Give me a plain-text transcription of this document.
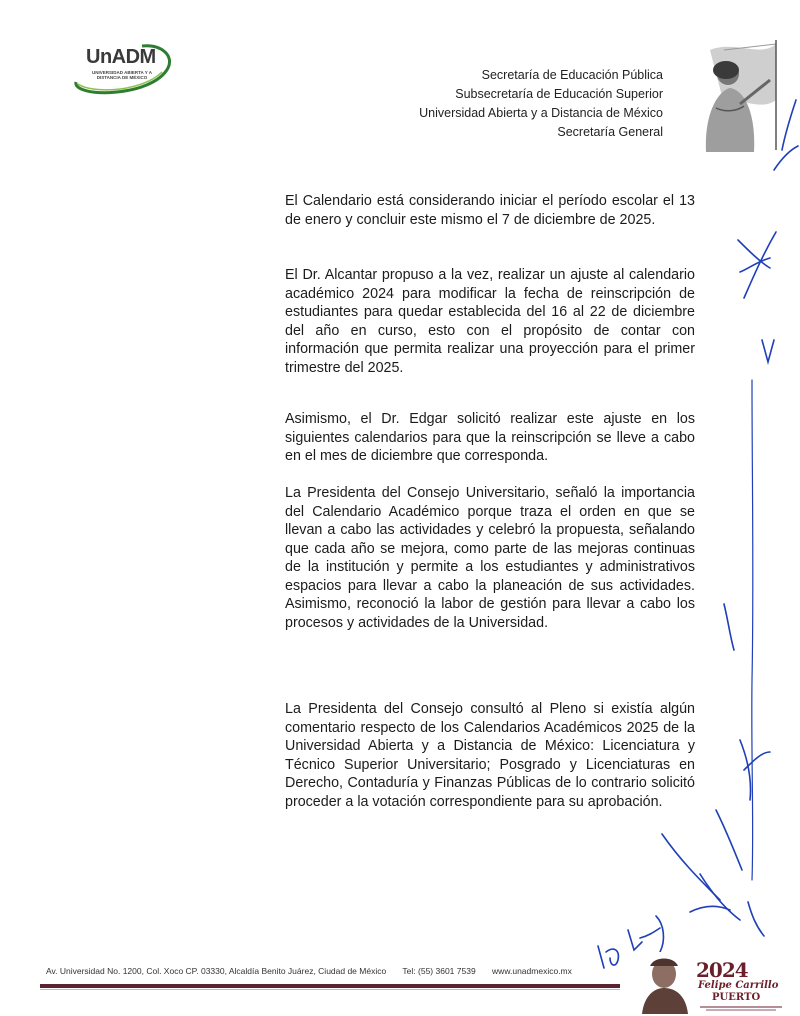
UnADM
UNIVERSIDAD ABIERTA Y A DISTANCIA DE MÉXICO	Secretaría de Educación Pública
Subsecretaría de Educación Superior
Universidad Abierta y a Distancia de México
Secretaría General

El Calendario está considerando iniciar el período escolar el 13 de enero y concluir este mismo el 7 de diciembre de 2025.

El Dr. Alcantar propuso a la vez, realizar un ajuste al calendario académico 2024 para modificar la fecha de reinscripción de estudiantes para quedar establecida del 16 al 22 de diciembre del año en curso, esto con el propósito de contar con información que permita realizar una proyección para el primer trimestre del 2025.

Asimismo, el Dr. Edgar solicitó realizar este ajuste en los siguientes calendarios para que la reinscripción se lleve a cabo en el mes de diciembre que corresponda.

La Presidenta del Consejo Universitario, señaló la importancia del Calendario Académico porque traza el orden en que se llevan a cabo las actividades y celebró la propuesta, señalando que cada año se mejora, como parte de las mejoras continuas de la institución y permite a los estudiantes y administrativos espacios para llevar a cabo la planeación de sus actividades. Asimismo, reconoció la labor de gestión para llevar a cabo los procesos y actividades de la Universidad.

La Presidenta del Consejo consultó al Pleno si existía algún comentario respecto de los Calendarios Académicos 2025 de la Universidad Abierta y a Distancia de México: Licenciatura y Técnico Superior Universitario; Posgrado y Licenciaturas en Derecho, Contaduría y Finanzas Públicas de lo contrario solicitó proceder a la votación correspondiente para su aprobación.

Av. Universidad No. 1200, Col. Xoco CP. 03330, Alcaldía Benito Juárez, Ciudad de México Tel: (55) 3601 7539 www.unadmexico.mx	2024
Felipe Carrillo
PUERTO
